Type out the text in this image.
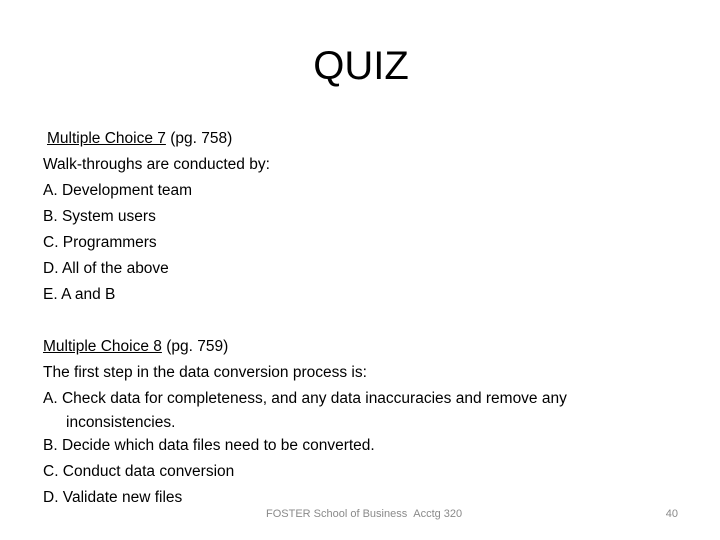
QUIZ
Multiple Choice 7 (pg. 758)
Walk-throughs are conducted by:
A. Development team
B. System users
C. Programmers
D. All of the above
E. A and B
Multiple Choice 8 (pg. 759)
The first step in the data conversion process is:
A. Check data for completeness, and any data inaccuracies and remove any
inconsistencies.
B. Decide which data files need to be converted.
C. Conduct data conversion
D. Validate new files
FOSTER School of Business Acctg 320	40
